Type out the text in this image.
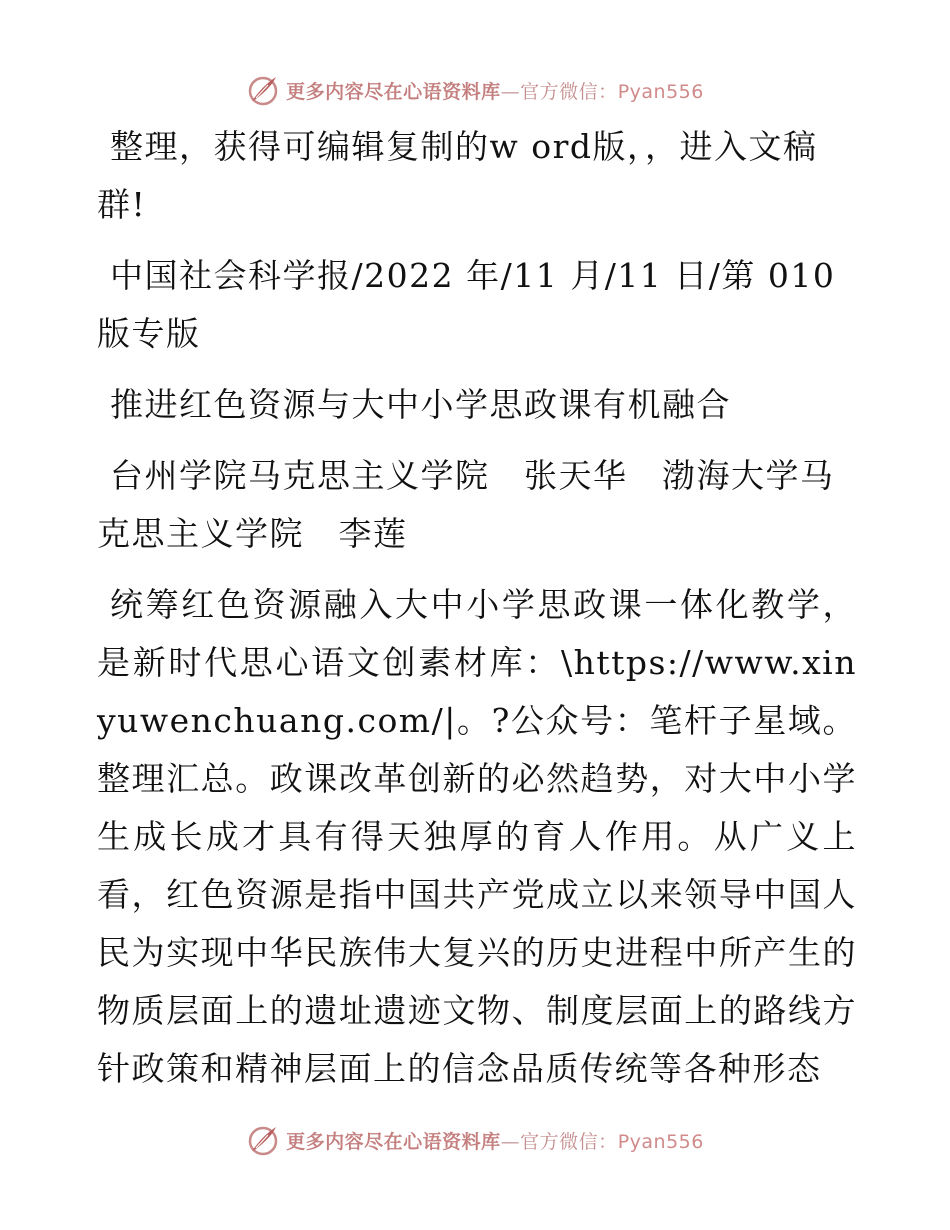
更多内容尽在心语资料库—官方微信：Pyan556

整理，获得可编辑复制的w ord版，，进入文稿群!

中国社会科学报/2022 年/11 月/11 日/第 010 版专版

推进红色资源与大中小学思政课有机融合

台州学院马克思主义学院　张天华　渤海大学马克思主义学院　李莲

统筹红色资源融入大中小学思政课一体化教学，是新时代思心语文创素材库：\https://www.xinyuwenchuang.com/|。?公众号：笔杆子星域。整理汇总。政课改革创新的必然趋势，对大中小学生成长成才具有得天独厚的育人作用。从广义上看，红色资源是指中国共产党成立以来领导中国人民为实现中华民族伟大复兴的历史进程中所产生的物质层面上的遗址遗迹文物、制度层面上的路线方针政策和精神层面上的信念品质传统等各种形态

更多内容尽在心语资料库—官方微信：Pyan556
